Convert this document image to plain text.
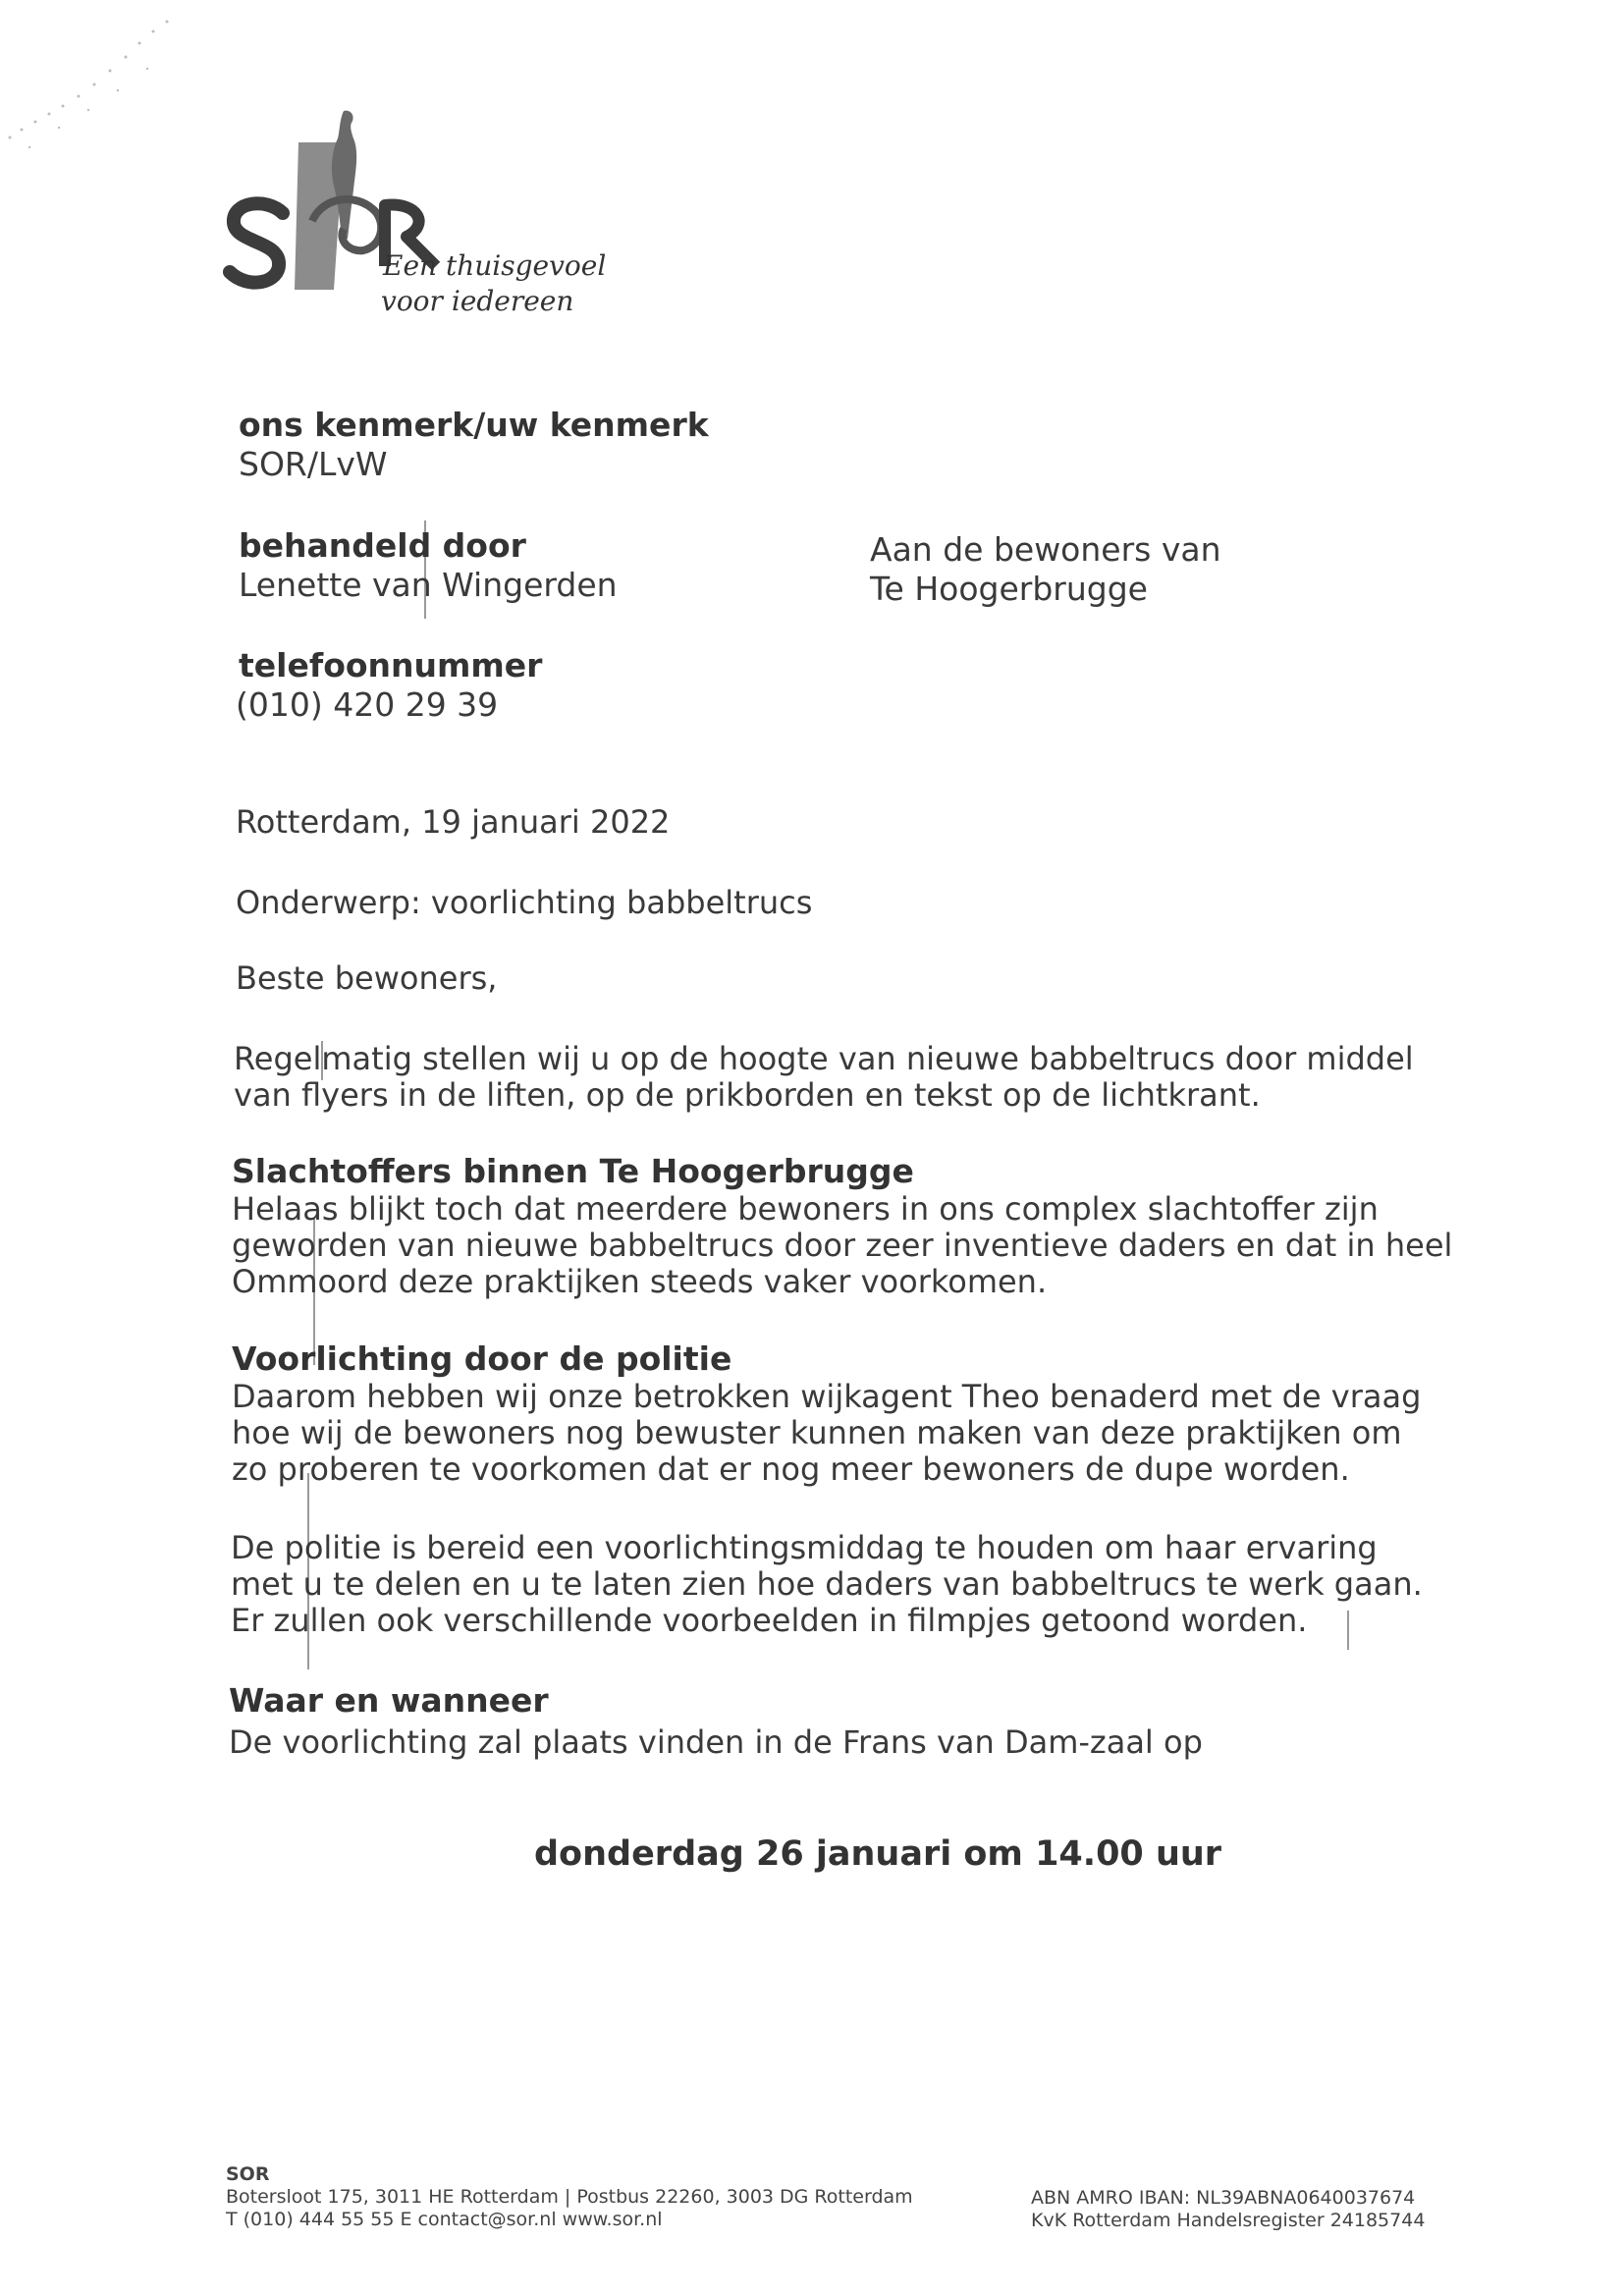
Een thuisgevoel
voor iedereen
ons kenmerk/uw kenmerk
SOR/LvW
behandeld door
Lenette van Wingerden
telefoonnummer
(010) 420 29 39
Aan de bewoners van
Te Hoogerbrugge
Rotterdam, 19 januari 2022
Onderwerp: voorlichting babbeltrucs
Beste bewoners,
Regelmatig stellen wij u op de hoogte van nieuwe babbeltrucs door middel
van flyers in de liften, op de prikborden en tekst op de lichtkrant.
Slachtoffers binnen Te Hoogerbrugge
Helaas blijkt toch dat meerdere bewoners in ons complex slachtoffer zijn
geworden van nieuwe babbeltrucs door zeer inventieve daders en dat in heel
Ommoord deze praktijken steeds vaker voorkomen.
Voorlichting door de politie
Daarom hebben wij onze betrokken wijkagent Theo benaderd met de vraag
hoe wij de bewoners nog bewuster kunnen maken van deze praktijken om
zo proberen te voorkomen dat er nog meer bewoners de dupe worden.
De politie is bereid een voorlichtingsmiddag te houden om haar ervaring
met u te delen en u te laten zien hoe daders van babbeltrucs te werk gaan.
Er zullen ook verschillende voorbeelden in filmpjes getoond worden.
Waar en wanneer
De voorlichting zal plaats vinden in de Frans van Dam-zaal op
donderdag 26 januari om 14.00 uur
SOR
Botersloot 175, 3011 HE Rotterdam | Postbus 22260, 3003 DG Rotterdam
T (010) 444 55 55 E contact@sor.nl www.sor.nl
ABN AMRO IBAN: NL39ABNA0640037674
KvK Rotterdam Handelsregister 24185744
